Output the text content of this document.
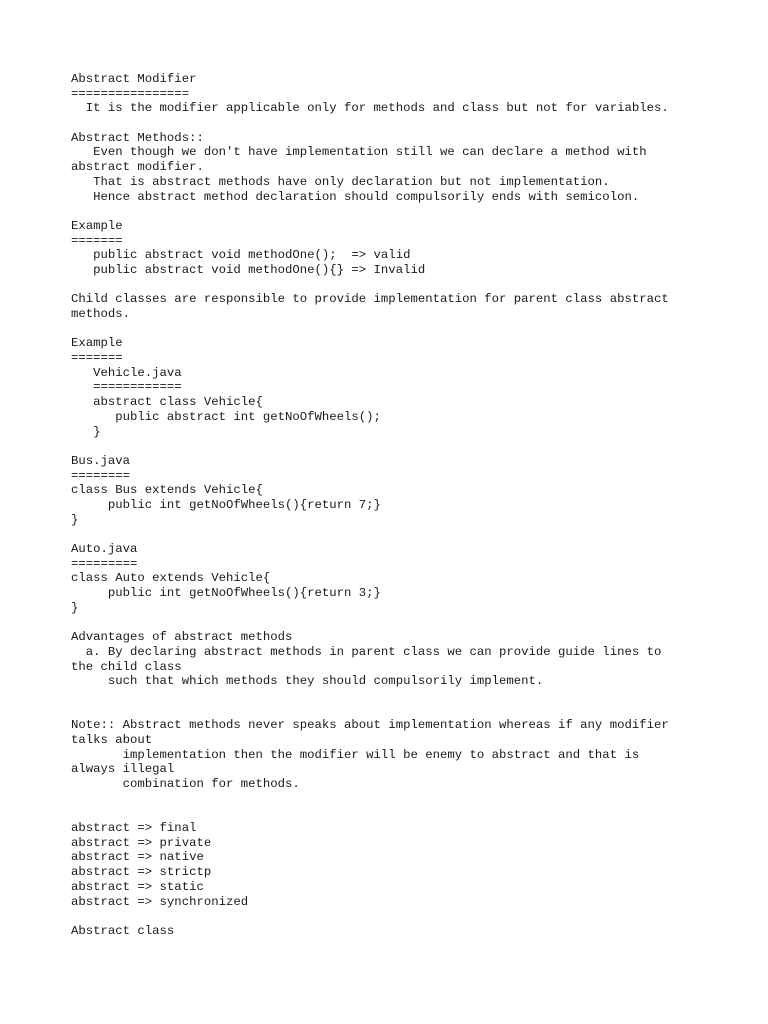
Abstract Modifier
================
It is the modifier applicable only for methods and class but not for variables.
Abstract Methods::
Even though we don't have implementation still we can declare a method with
abstract modifier.
That is abstract methods have only declaration but not implementation.
Hence abstract method declaration should compulsorily ends with semicolon.
Example
=======
public abstract void methodOne();  => valid
public abstract void methodOne(){} => Invalid
Child classes are responsible to provide implementation for parent class abstract
methods.
Example
=======
Vehicle.java
============
abstract class Vehicle{
public abstract int getNoOfWheels();
}
Bus.java
========
class Bus extends Vehicle{
public int getNoOfWheels(){return 7;}
}
Auto.java
=========
class Auto extends Vehicle{
public int getNoOfWheels(){return 3;}
}
Advantages of abstract methods
a. By declaring abstract methods in parent class we can provide guide lines to
the child class
such that which methods they should compulsorily implement.
Note:: Abstract methods never speaks about implementation whereas if any modifier
talks about
implementation then the modifier will be enemy to abstract and that is
always illegal
combination for methods.
abstract => final
abstract => private
abstract => native
abstract => strictp
abstract => static
abstract => synchronized
Abstract class
